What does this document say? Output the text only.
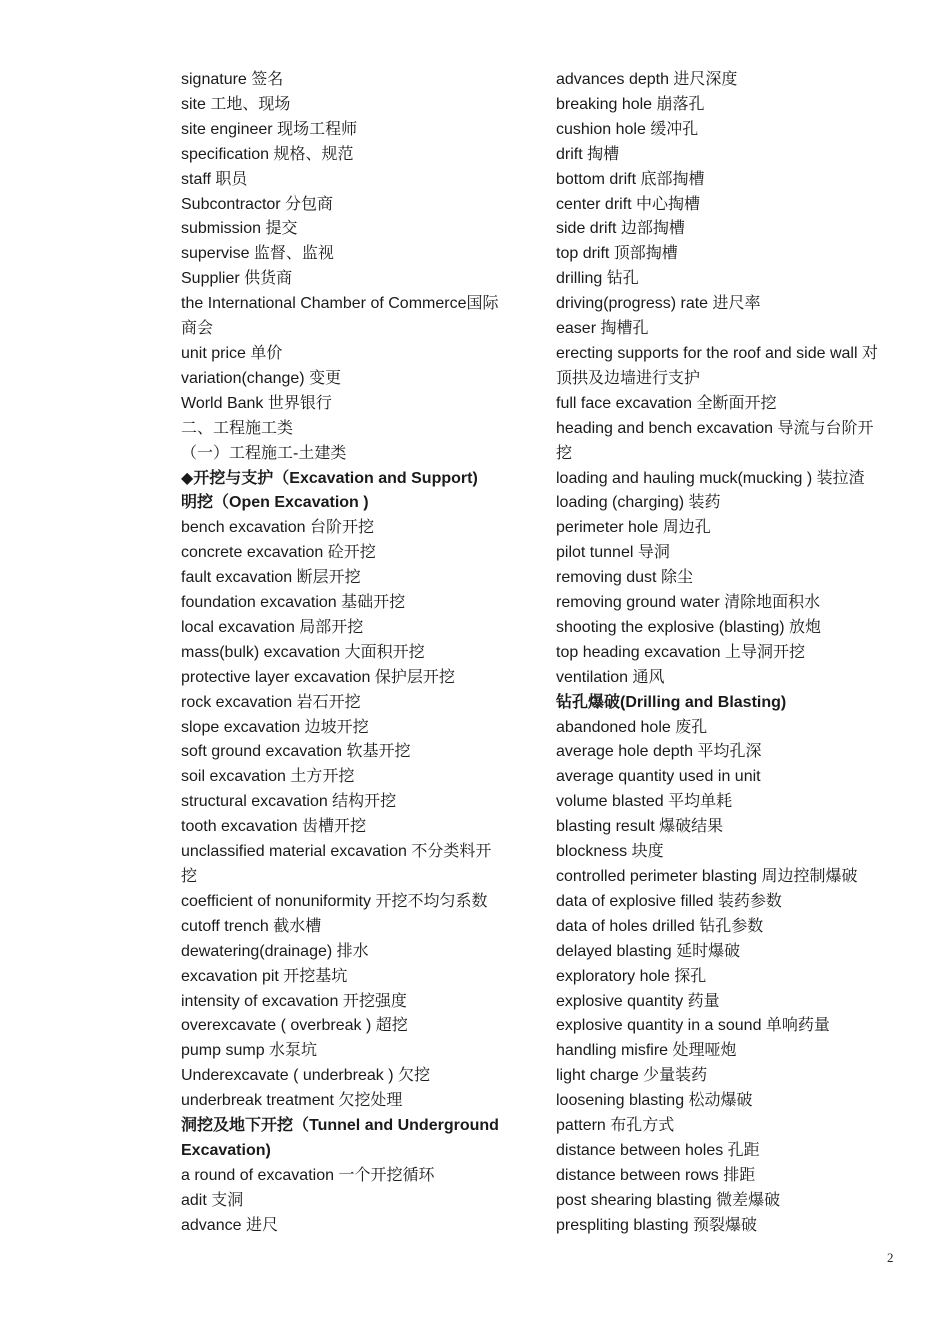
signature 签名
site 工地、现场
site engineer 现场工程师
specification 规格、规范
staff 职员
Subcontractor 分包商
submission 提交
supervise 监督、监视
Supplier 供货商
the International Chamber of Commerce国际
商会
unit price 单价
variation(change) 变更
World Bank 世界银行
二、工程施工类
（一）工程施工-土建类
◆开挖与支护（Excavation and Support)
明挖（Open Excavation )
bench excavation 台阶开挖
concrete excavation 砼开挖
fault excavation 断层开挖
foundation excavation 基础开挖
local excavation 局部开挖
mass(bulk) excavation 大面积开挖
protective layer excavation 保护层开挖
rock excavation 岩石开挖
slope excavation 边坡开挖
soft ground excavation 软基开挖
soil excavation 土方开挖
structural excavation 结构开挖
tooth excavation 齿槽开挖
unclassified material excavation 不分类料开
挖
coefficient of nonuniformity 开挖不均匀系数
cutoff trench 截水槽
dewatering(drainage) 排水
excavation pit 开挖基坑
intensity of excavation 开挖强度
overexcavate ( overbreak ) 超挖
pump sump 水泵坑
Underexcavate ( underbreak ) 欠挖
underbreak treatment 欠挖处理
洞挖及地下开挖（Tunnel and Underground
Excavation)
a round of excavation 一个开挖循环
adit 支洞
advance 进尺
advances depth 进尺深度
breaking hole 崩落孔
cushion hole 缓冲孔
drift 掏槽
bottom drift 底部掏槽
center drift 中心掏槽
side drift 边部掏槽
top drift 顶部掏槽
drilling 钻孔
driving(progress) rate 进尺率
easer 掏槽孔
erecting supports for the roof and side wall 对
顶拱及边墙进行支护
full face excavation 全断面开挖
heading and bench excavation 导流与台阶开
挖
loading and hauling muck(mucking ) 装拉渣
loading (charging) 装药
perimeter hole 周边孔
pilot tunnel 导洞
removing dust 除尘
removing ground water 清除地面积水
shooting the explosive (blasting) 放炮
top heading excavation 上导洞开挖
ventilation 通风
钻孔爆破(Drilling and Blasting)
abandoned hole 废孔
average hole depth 平均孔深
average quantity used in unit
volume blasted 平均单耗
blasting result 爆破结果
blockness 块度
controlled perimeter blasting 周边控制爆破
data of explosive filled 装药参数
data of holes drilled 钻孔参数
delayed blasting 延时爆破
exploratory hole 探孔
explosive quantity 药量
explosive quantity in a sound 单响药量
handling misfire 处理哑炮
light charge 少量装药
loosening blasting 松动爆破
pattern 布孔方式
distance between holes 孔距
distance between rows 排距
post shearing blasting 微差爆破
prespliting blasting 预裂爆破
2
